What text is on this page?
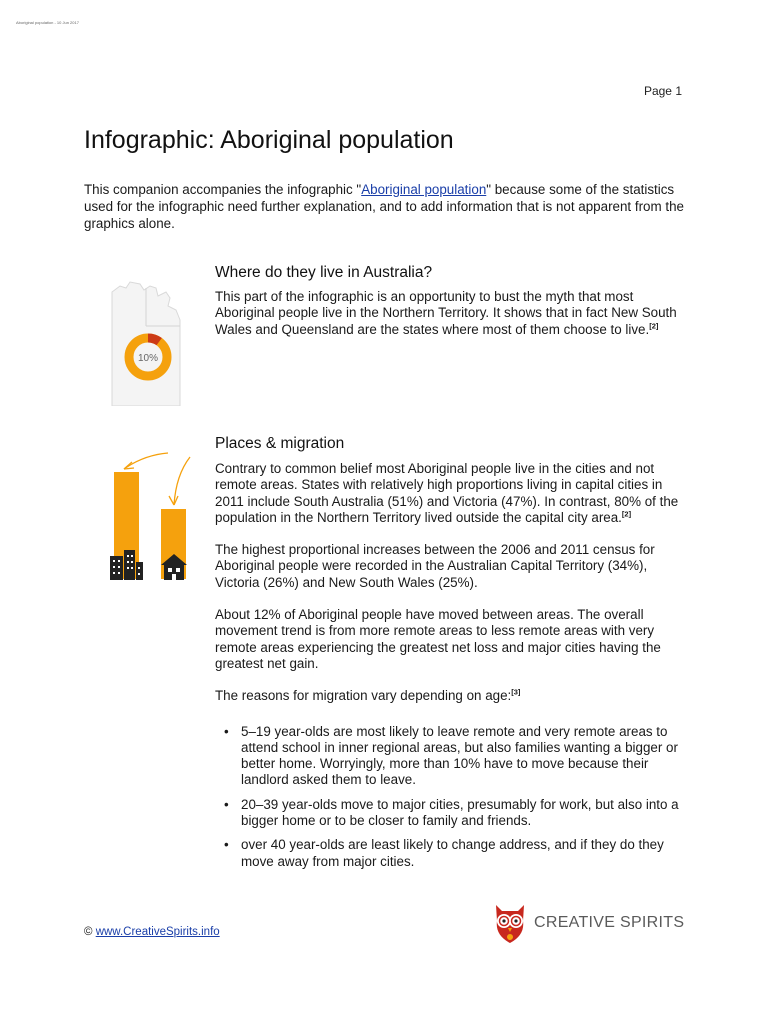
Aboriginal population - 10 Jun 2017
Page 1
Infographic: Aboriginal population

This companion accompanies the infographic "Aboriginal population" because some of the statistics used for the infographic need further explanation, and to add information that is not apparent from the graphics alone.

10%
Where do they live in Australia?

This part of the infographic is an opportunity to bust the myth that most Aboriginal people live in the Northern Territory. It shows that in fact New South Wales and Queensland are the states where most of them choose to live.[2]

Places & migration

Contrary to common belief most Aboriginal people live in the cities and not remote areas. States with relatively high proportions living in capital cities in 2011 include South Australia (51%) and Victoria (47%). In contrast, 80% of the population in the Northern Territory lived outside the capital city area.[2]

The highest proportional increases between the 2006 and 2011 census for Aboriginal people were recorded in the Australian Capital Territory (34%), Victoria (26%) and New South Wales (25%).

About 12% of Aboriginal people have moved between areas. The overall movement trend is from more remote areas to less remote areas with very remote areas experiencing the greatest net loss and major cities having the greatest net gain.

The reasons for migration vary depending on age:[3]

• 5–19 year-olds are most likely to leave remote and very remote areas to attend school in inner regional areas, but also families wanting a bigger or better home. Worryingly, more than 10% have to move because their landlord asked them to leave.
• 20–39 year-olds move to major cities, presumably for work, but also into a bigger home or to be closer to family and friends.
• over 40 year-olds are least likely to change address, and if they do they move away from major cities.
© www.CreativeSpirits.info
CREATIVE SPIRITS
